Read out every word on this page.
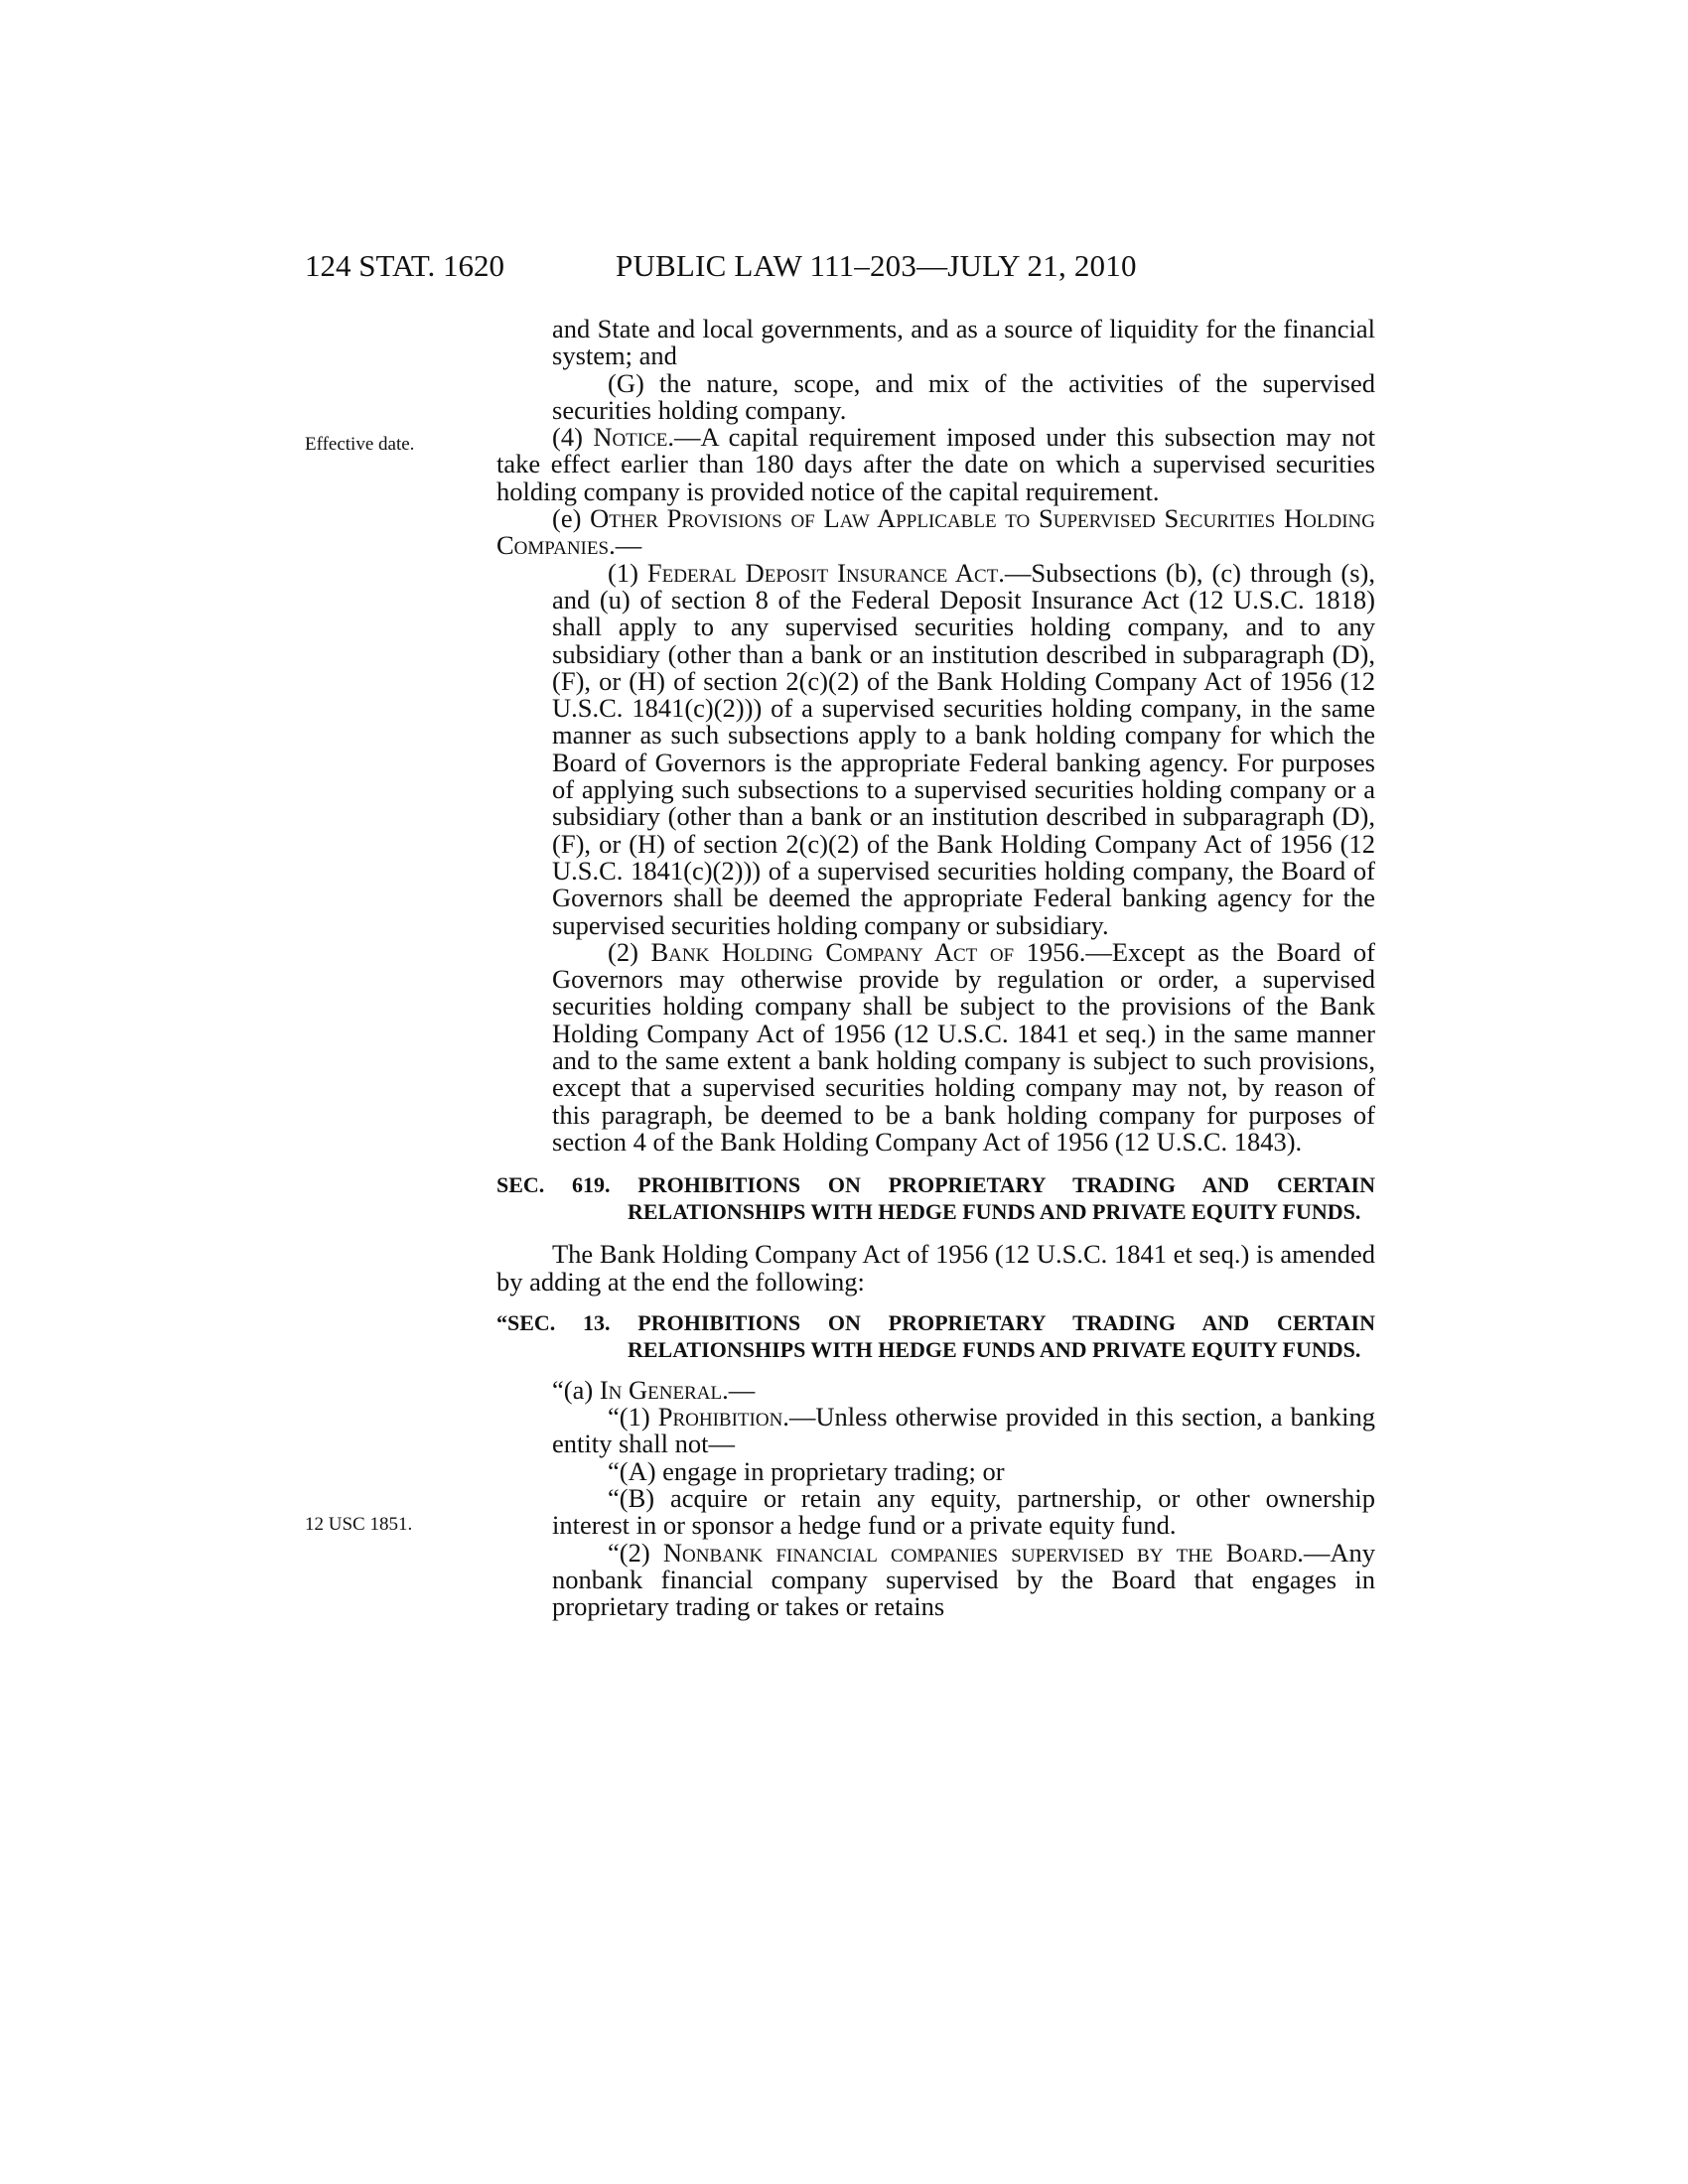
124 STAT. 1620	PUBLIC LAW 111–203—JULY 21, 2010
Effective date.
12 USC 1851.

and State and local governments, and as a source of liquidity for the financial system; and

(G) the nature, scope, and mix of the activities of the supervised securities holding company.

(4) Notice.—A capital requirement imposed under this subsection may not take effect earlier than 180 days after the date on which a supervised securities holding company is provided notice of the capital requirement.

(e) Other Provisions of Law Applicable to Supervised Securities Holding Companies.—

(1) Federal Deposit Insurance Act.—Subsections (b), (c) through (s), and (u) of section 8 of the Federal Deposit Insurance Act (12 U.S.C. 1818) shall apply to any supervised securities holding company, and to any subsidiary (other than a bank or an institution described in subparagraph (D), (F), or (H) of section 2(c)(2) of the Bank Holding Company Act of 1956 (12 U.S.C. 1841(c)(2))) of a supervised securities holding company, in the same manner as such subsections apply to a bank holding company for which the Board of Governors is the appropriate Federal banking agency. For purposes of applying such subsections to a supervised securities holding company or a subsidiary (other than a bank or an institution described in subparagraph (D), (F), or (H) of section 2(c)(2) of the Bank Holding Company Act of 1956 (12 U.S.C. 1841(c)(2))) of a supervised securities holding company, the Board of Governors shall be deemed the appropriate Federal banking agency for the supervised securities holding company or subsidiary.

(2) Bank Holding Company Act of 1956.—Except as the Board of Governors may otherwise provide by regulation or order, a supervised securities holding company shall be subject to the provisions of the Bank Holding Company Act of 1956 (12 U.S.C. 1841 et seq.) in the same manner and to the same extent a bank holding company is subject to such provisions, except that a supervised securities holding company may not, by reason of this paragraph, be deemed to be a bank holding company for purposes of section 4 of the Bank Holding Company Act of 1956 (12 U.S.C. 1843).

SEC. 619. PROHIBITIONS ON PROPRIETARY TRADING AND CERTAIN RELATIONSHIPS WITH HEDGE FUNDS AND PRIVATE EQUITY FUNDS.

The Bank Holding Company Act of 1956 (12 U.S.C. 1841 et seq.) is amended by adding at the end the following:

“SEC. 13. PROHIBITIONS ON PROPRIETARY TRADING AND CERTAIN RELATIONSHIPS WITH HEDGE FUNDS AND PRIVATE EQUITY FUNDS.

“(a) In General.—

“(1) Prohibition.—Unless otherwise provided in this section, a banking entity shall not—

“(A) engage in proprietary trading; or

“(B) acquire or retain any equity, partnership, or other ownership interest in or sponsor a hedge fund or a private equity fund.

“(2) Nonbank financial companies supervised by the Board.—Any nonbank financial company supervised by the Board that engages in proprietary trading or takes or retains
